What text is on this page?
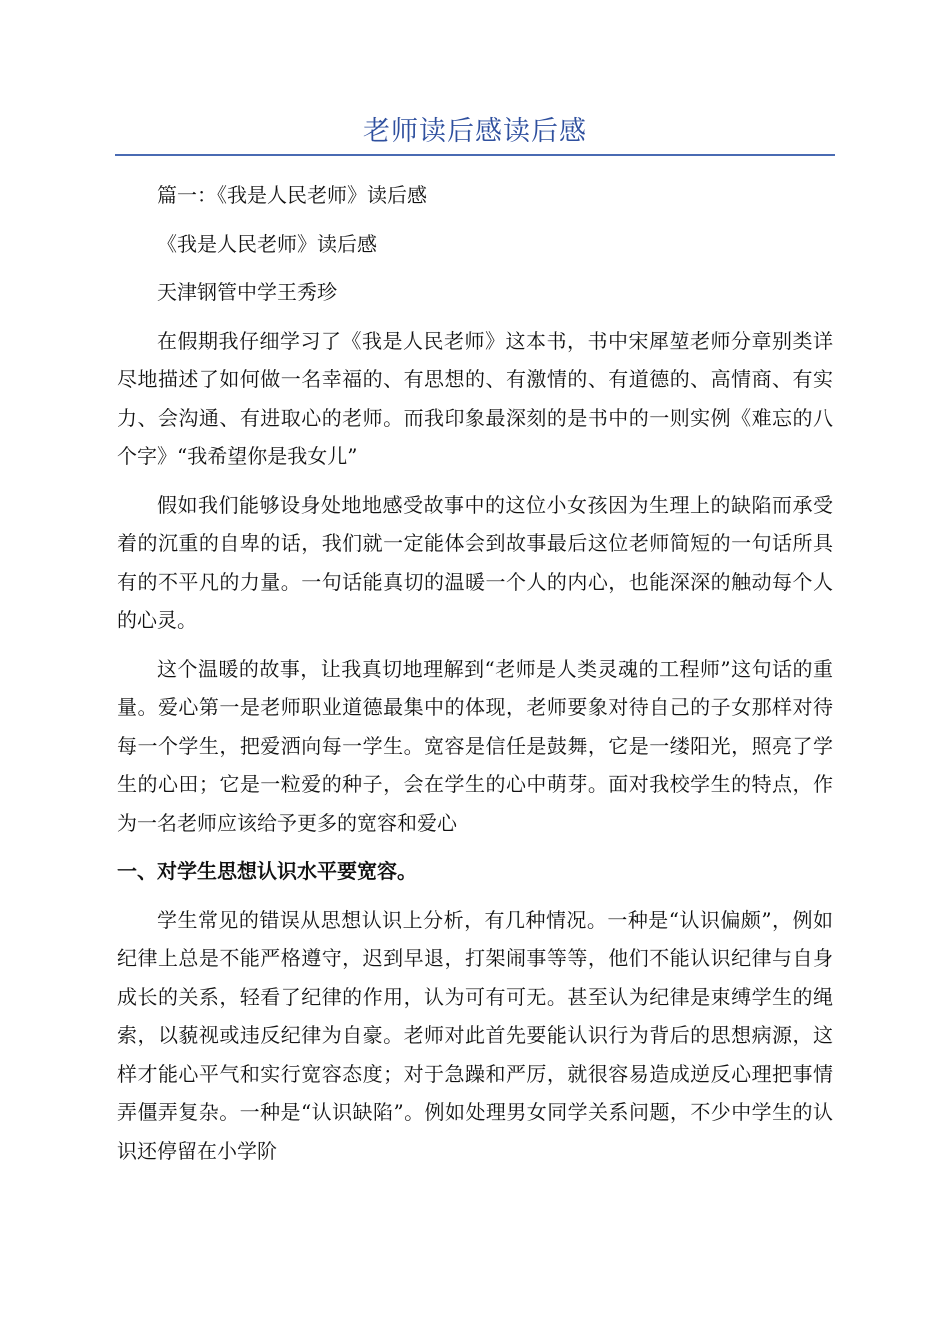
老师读后感读后感

篇一：《我是人民老师》读后感

《我是人民老师》读后感

天津钢管中学王秀珍

在假期我仔细学习了《我是人民老师》这本书，书中宋犀堃老师分章别类详尽地描述了如何做一名幸福的、有思想的、有激情的、有道德的、高情商、有实力、会沟通、有进取心的老师。而我印象最深刻的是书中的一则实例《难忘的八个字》“我希望你是我女儿”

假如我们能够设身处地地感受故事中的这位小女孩因为生理上的缺陷而承受着的沉重的自卑的话，我们就一定能体会到故事最后这位老师简短的一句话所具有的不平凡的力量。一句话能真切的温暖一个人的内心，也能深深的触动每个人的心灵。

这个温暖的故事，让我真切地理解到“老师是人类灵魂的工程师”这句话的重量。爱心第一是老师职业道德最集中的体现，老师要象对待自己的子女那样对待每一个学生，把爱洒向每一学生。宽容是信任是鼓舞，它是一缕阳光，照亮了学生的心田；它是一粒爱的种子，会在学生的心中萌芽。面对我校学生的特点，作为一名老师应该给予更多的宽容和爱心

一、对学生思想认识水平要宽容。

学生常见的错误从思想认识上分析，有几种情况。一种是“认识偏颇”，例如纪律上总是不能严格遵守，迟到早退，打架闹事等等，他们不能认识纪律与自身成长的关系，轻看了纪律的作用，认为可有可无。甚至认为纪律是束缚学生的绳索，以藐视或违反纪律为自豪。老师对此首先要能认识行为背后的思想病源，这样才能心平气和实行宽容态度；对于急躁和严厉，就很容易造成逆反心理把事情弄僵弄复杂。一种是“认识缺陷”。例如处理男女同学关系问题，不少中学生的认识还停留在小学阶
